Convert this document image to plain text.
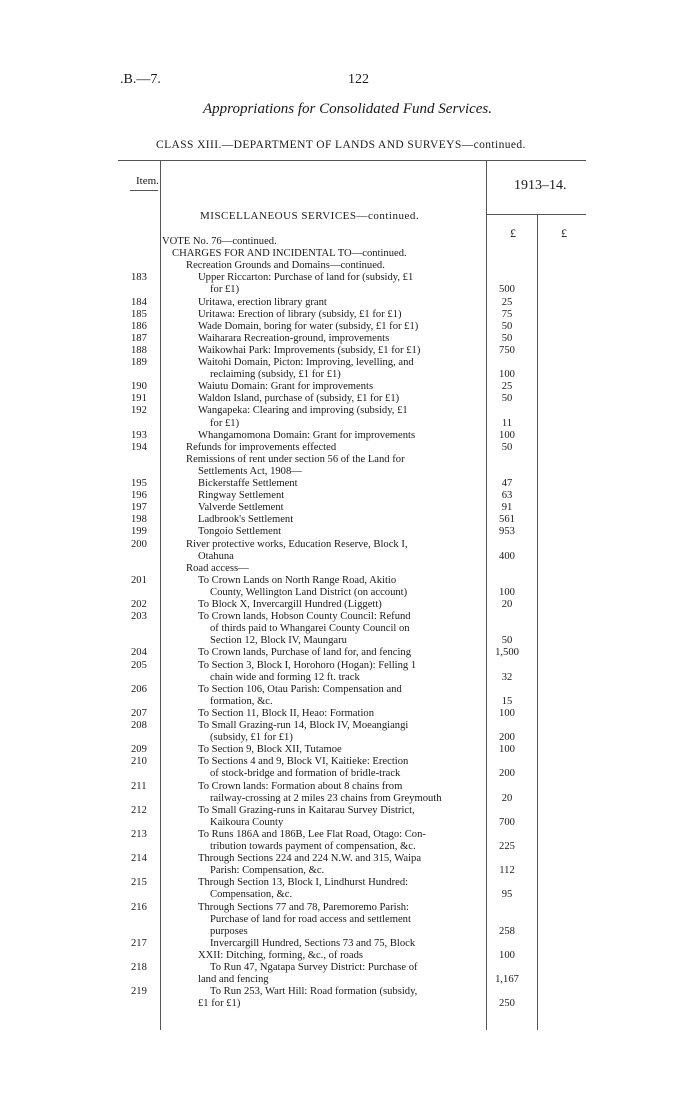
.B.—7.	122
Appropriations for Consolidated Fund Services.
CLASS XIII.—DEPARTMENT OF LANDS AND SURVEYS—continued.
Item.	1913–14.
MISCELLANEOUS SERVICES—continued.
£	£
VOTE No. 76—continued.
CHARGES FOR AND INCIDENTAL TO—continued.
Recreation Grounds and Domains—continued.
183	Upper Riccarton: Purchase of land for (subsidy, £1
for £1)	500
184	Uritawa, erection library grant	25
185	Uritawa: Erection of library (subsidy, £1 for £1)	75
186	Wade Domain, boring for water (subsidy, £1 for £1)	50
187	Waiharara Recreation-ground, improvements	50
188	Waikowhai Park: Improvements (subsidy, £1 for £1)	750
189	Waitohi Domain, Picton: Improving, levelling, and
reclaiming (subsidy, £1 for £1)	100
190	Waiutu Domain: Grant for improvements	25
191	Waldon Island, purchase of (subsidy, £1 for £1)	50
192	Wangapeka: Clearing and improving (subsidy, £1
for £1)	11
193	Whangamomona Domain: Grant for improvements	100
194	Refunds for improvements effected	50
Remissions of rent under section 56 of the Land for
Settlements Act, 1908—
195	Bickerstaffe Settlement	47
196	Ringway Settlement	63
197	Valverde Settlement	91
198	Ladbrook's Settlement	561
199	Tongoio Settlement	953
200	River protective works, Education Reserve, Block I,
Otahuna	400
Road access—
201	To Crown Lands on North Range Road, Akitio
County, Wellington Land District (on account)	100
202	To Block X, Invercargill Hundred (Liggett)	20
203	To Crown lands, Hobson County Council: Refund
of thirds paid to Whangarei County Council on
Section 12, Block IV, Maungaru	50
204	To Crown lands, Purchase of land for, and fencing	1,500
205	To Section 3, Block I, Horohoro (Hogan): Felling 1
chain wide and forming 12 ft. track	32
206	To Section 106, Otau Parish: Compensation and
formation, &c.	15
207	To Section 11, Block II, Heao: Formation	100
208	To Small Grazing-run 14, Block IV, Moeangiangi
(subsidy, £1 for £1)	200
209	To Section 9, Block XII, Tutamoe	100
210	To Sections 4 and 9, Block VI, Kaitieke: Erection
of stock-bridge and formation of bridle-track	200
211	To Crown lands: Formation about 8 chains from
railway-crossing at 2 miles 23 chains from Greymouth	20
212	To Small Grazing-runs in Kaitarau Survey District,
Kaikoura County	700
213	To Runs 186A and 186B, Lee Flat Road, Otago: Con-
tribution towards payment of compensation, &c.	225
214	Through Sections 224 and 224 N.W. and 315, Waipa
Parish: Compensation, &c.	112
215	Through Section 13, Block I, Lindhurst Hundred:
Compensation, &c.	95
216	Through Sections 77 and 78, Paremoremo Parish:
Purchase of land for road access and settlement
purposes	258
217	Invercargill Hundred, Sections 73 and 75, Block
XXII: Ditching, forming, &c., of roads	100
218	To Run 47, Ngatapa Survey District: Purchase of
land and fencing	1,167
219	To Run 253, Wart Hill: Road formation (subsidy,
£1 for £1)	250
